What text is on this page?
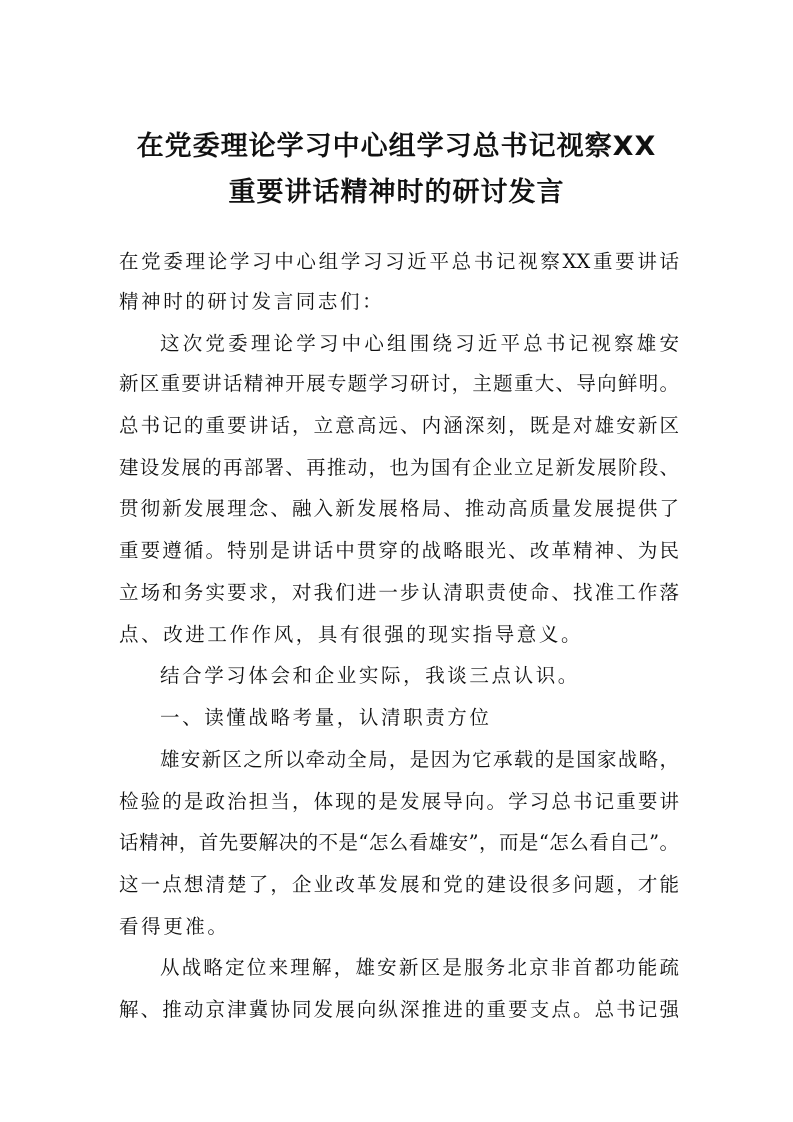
在党委理论学习中心组学习总书记视察XX
重要讲话精神时的研讨发言
在党委理论学习中心组学习习近平总书记视察XX重要讲话
精神时的研讨发言同志们：
这次党委理论学习中心组围绕习近平总书记视察雄安
新区重要讲话精神开展专题学习研讨，主题重大、导向鲜明。
总书记的重要讲话，立意高远、内涵深刻，既是对雄安新区
建设发展的再部署、再推动，也为国有企业立足新发展阶段、
贯彻新发展理念、融入新发展格局、推动高质量发展提供了
重要遵循。特别是讲话中贯穿的战略眼光、改革精神、为民
立场和务实要求，对我们进一步认清职责使命、找准工作落
点、改进工作作风，具有很强的现实指导意义。
结合学习体会和企业实际，我谈三点认识。
一、读懂战略考量，认清职责方位
雄安新区之所以牵动全局，是因为它承载的是国家战略，
检验的是政治担当，体现的是发展导向。学习总书记重要讲
话精神，首先要解决的不是“怎么看雄安”，而是“怎么看自己”。
这一点想清楚了，企业改革发展和党的建设很多问题，才能
看得更准。
从战略定位来理解，雄安新区是服务北京非首都功能疏
解、推动京津冀协同发展向纵深推进的重要支点。总书记强
